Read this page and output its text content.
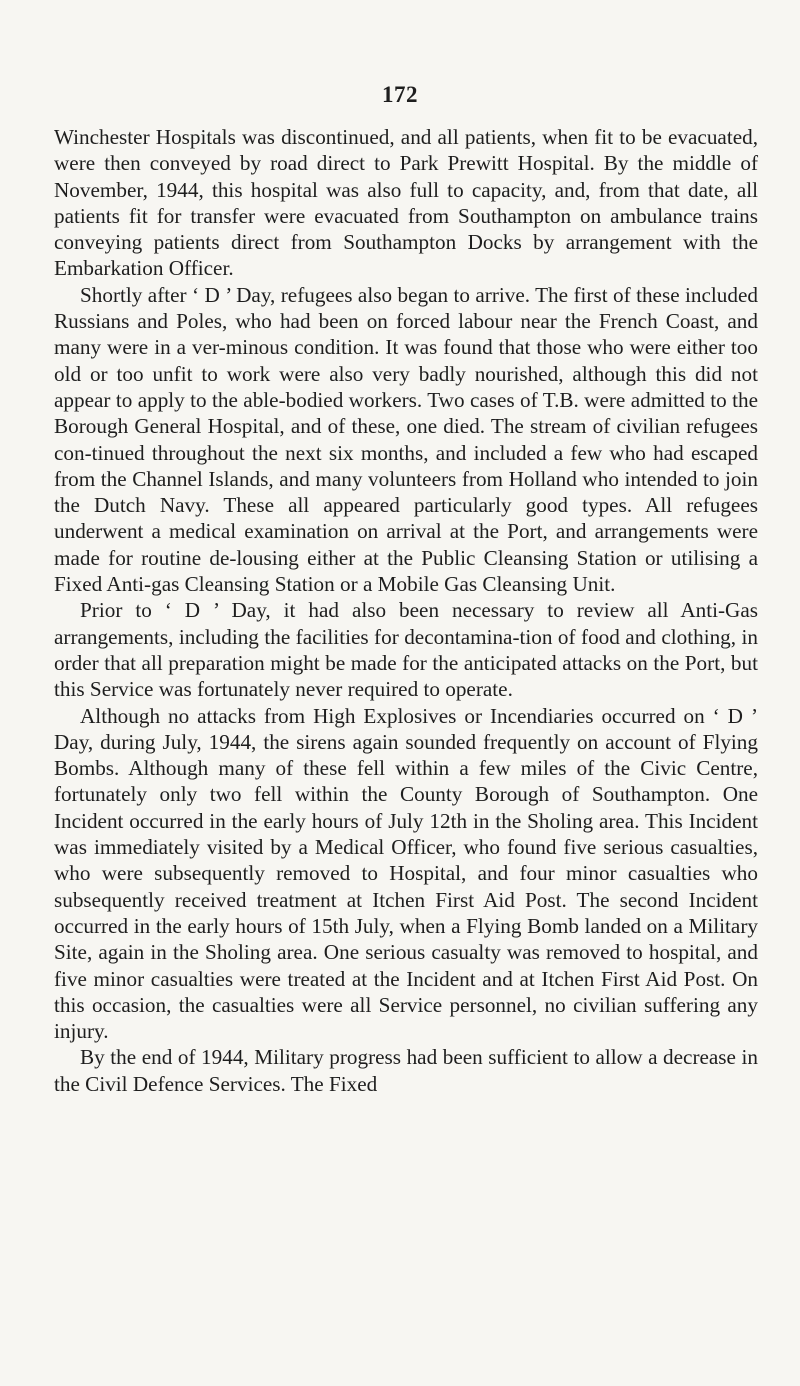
172

Winchester Hospitals was discontinued, and all patients, when fit to be evacuated, were then conveyed by road direct to Park Prewitt Hospital. By the middle of November, 1944, this hospital was also full to capacity, and, from that date, all patients fit for transfer were evacuated from Southampton on ambulance trains conveying patients direct from Southampton Docks by arrangement with the Embarkation Officer.

Shortly after ‘ D ’ Day, refugees also began to arrive. The first of these included Russians and Poles, who had been on forced labour near the French Coast, and many were in a ver-minous condition. It was found that those who were either too old or too unfit to work were also very badly nourished, although this did not appear to apply to the able-bodied workers. Two cases of T.B. were admitted to the Borough General Hospital, and of these, one died. The stream of civilian refugees con-tinued throughout the next six months, and included a few who had escaped from the Channel Islands, and many volunteers from Holland who intended to join the Dutch Navy. These all appeared particularly good types. All refugees underwent a medical examination on arrival at the Port, and arrangements were made for routine de-lousing either at the Public Cleansing Station or utilising a Fixed Anti-gas Cleansing Station or a Mobile Gas Cleansing Unit.

Prior to ‘ D ’ Day, it had also been necessary to review all Anti-Gas arrangements, including the facilities for decontamina-tion of food and clothing, in order that all preparation might be made for the anticipated attacks on the Port, but this Service was fortunately never required to operate.

Although no attacks from High Explosives or Incendiaries occurred on ‘ D ’ Day, during July, 1944, the sirens again sounded frequently on account of Flying Bombs. Although many of these fell within a few miles of the Civic Centre, fortunately only two fell within the County Borough of Southampton. One Incident occurred in the early hours of July 12th in the Sholing area. This Incident was immediately visited by a Medical Officer, who found five serious casualties, who were subsequently removed to Hospital, and four minor casualties who subsequently received treatment at Itchen First Aid Post. The second Incident occurred in the early hours of 15th July, when a Flying Bomb landed on a Military Site, again in the Sholing area. One serious casualty was removed to hospital, and five minor casualties were treated at the Incident and at Itchen First Aid Post. On this occasion, the casualties were all Service personnel, no civilian suffering any injury.

By the end of 1944, Military progress had been sufficient to allow a decrease in the Civil Defence Services. The Fixed
